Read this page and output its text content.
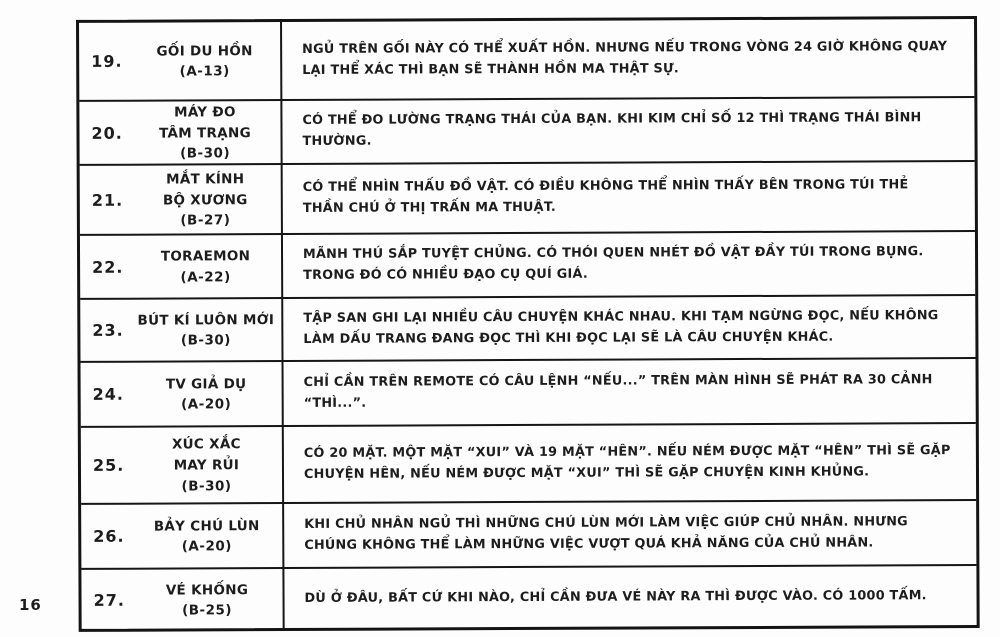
19.
GỐI DU HỒN
(A-13)
NGỦ TRÊN GỐI NÀY CÓ THỂ XUẤT HỒN. NHƯNG NẾU TRONG VÒNG 24 GIỜ KHÔNG QUAY LẠI THỂ XÁC THÌ BẠN SẼ THÀNH HỒN MA THẬT SỰ.
20.
MÁY ĐO
TÂM TRẠNG
(B-30)
CÓ THỂ ĐO LƯỜNG TRẠNG THÁI CỦA BẠN. KHI KIM CHỈ SỐ 12 THÌ TRẠNG THÁI BÌNH THƯỜNG.
21.
MẮT KÍNH
BỘ XƯƠNG
(B-27)
CÓ THỂ NHÌN THẤU ĐỒ VẬT. CÓ ĐIỀU KHÔNG THỂ NHÌN THẤY BÊN TRONG TÚI THẺ THẦN CHÚ Ở THỊ TRẤN MA THUẬT.
22.
TORAEMON
(A-22)
MÃNH THÚ SẮP TUYỆT CHỦNG. CÓ THÓI QUEN NHÉT ĐỒ VẬT ĐẦY TÚI TRONG BỤNG. TRONG ĐÓ CÓ NHIỀU ĐẠO CỤ QUÍ GIÁ.
23.
BÚT KÍ LUÔN MỚI
(B-30)
TẬP SAN GHI LẠI NHIỀU CÂU CHUYỆN KHÁC NHAU. KHI TẠM NGỪNG ĐỌC, NẾU KHÔNG LÀM DẤU TRANG ĐANG ĐỌC THÌ KHI ĐỌC LẠI SẼ LÀ CÂU CHUYỆN KHÁC.
24.
TV GIẢ DỤ
(A-20)
CHỈ CẦN TRÊN REMOTE CÓ CÂU LỆNH “NẾU...” TRÊN MÀN HÌNH SẼ PHÁT RA 30 CẢNH “THÌ...”.
25.
XÚC XẮC
MAY RỦI
(B-30)
CÓ 20 MẶT. MỘT MẶT “XUI” VÀ 19 MẶT “HÊN”. NẾU NÉM ĐƯỢC MẶT “HÊN” THÌ SẼ GẶP CHUYỆN HÊN, NẾU NÉM ĐƯỢC MẶT “XUI” THÌ SẼ GẶP CHUYỆN KINH KHỦNG.
26.
BẢY CHÚ LÙN
(A-20)
KHI CHỦ NHÂN NGỦ THÌ NHỮNG CHÚ LÙN MỚI LÀM VIỆC GIÚP CHỦ NHÂN. NHƯNG CHÚNG KHÔNG THỂ LÀM NHỮNG VIỆC VƯỢT QUÁ KHẢ NĂNG CỦA CHỦ NHÂN.
27.
VÉ KHỐNG
(B-25)
DÙ Ở ĐÂU, BẤT CỨ KHI NÀO, CHỈ CẦN ĐƯA VÉ NÀY RA THÌ ĐƯỢC VÀO. CÓ 1000 TẤM.
16
